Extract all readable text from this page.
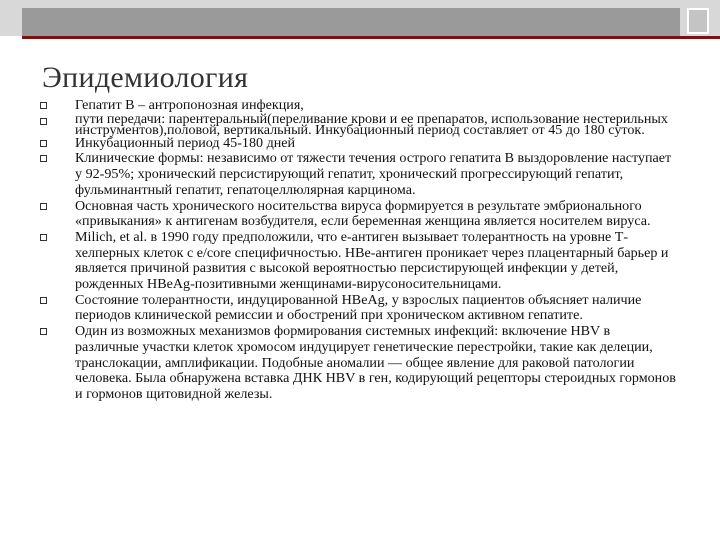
Эпидемиология
Гепатит В – антропонозная инфекция,
пути передачи: парентеральный(переливание крови и ее препаратов, использование нестерильных инструментов),половой, вертикальный. Инкубационный период составляет от 45 до 180 суток.
Инкубационный период 45-180 дней
Клинические формы: независимо от тяжести течения острого гепатита В выздоровление наступает у 92-95%; хронический персистирующий гепатит, хронический прогрессирующий гепатит, фульминантный гепатит, гепатоцеллюлярная карцинома.
Основная часть хронического носительства вируса формируется в результате эмбрионального «привыкания» к антигенам возбудителя, если беременная женщина является носителем вируса.
Milich, et al. в 1990 году предположили, что е-антиген вызывает толерантность на уровне Т-хелперных клеток с е/core специфичностью. HBe-антиген проникает через плацентарный барьер и является причиной развития с высокой вероятностью персистирующей инфекции у детей, рожденных HBeAg-позитивными женщинами-вирусоносительницами.
Состояние толерантности, индуцированной HBeAg, у взрослых пациентов объясняет наличие периодов клинической ремиссии и обострений при хроническом активном гепатите.
Один из возможных механизмов формирования системных инфекций: включение HBV в различные участки клеток хромосом индуцирует генетические перестройки, такие как делеции, транслокации, амплификации. Подобные аномалии — общее явление для раковой патологии человека. Была обнаружена вставка ДНК HBV в ген, кодирующий рецепторы стероидных гормонов и гормонов щитовидной железы.
